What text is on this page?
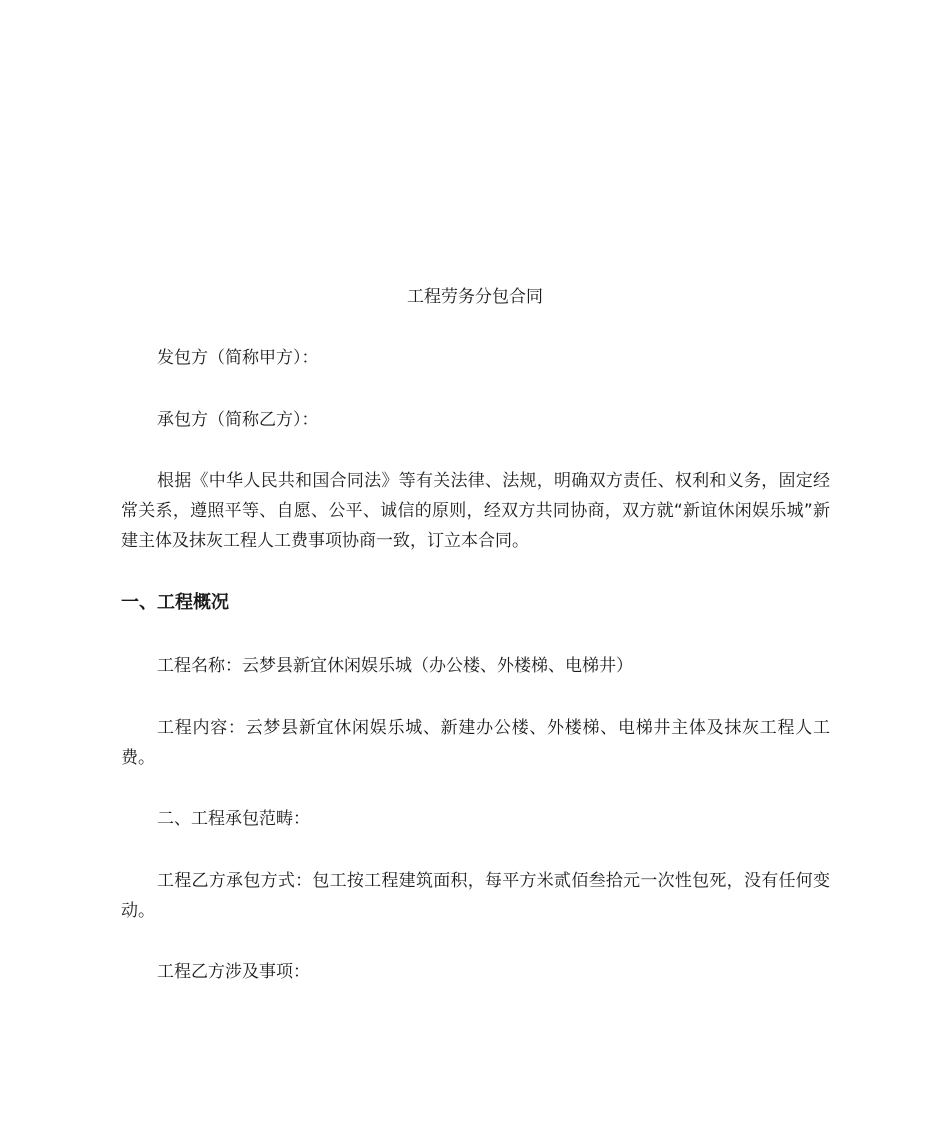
工程劳务分包合同

发包方（简称甲方）：

承包方（简称乙方）：

根据《中华人民共和国合同法》等有关法律、法规，明确双方责任、权利和义务，固定经常关系，遵照平等、自愿、公平、诚信的原则，经双方共同协商，双方就“新谊休闲娱乐城”新建主体及抹灰工程人工费事项协商一致，订立本合同。

一、工程概况

工程名称：云梦县新宜休闲娱乐城（办公楼、外楼梯、电梯井）

工程内容：云梦县新宜休闲娱乐城、新建办公楼、外楼梯、电梯井主体及抹灰工程人工费。

二、工程承包范畴：

工程乙方承包方式：包工按工程建筑面积，每平方米贰佰叁拾元一次性包死，没有任何变动。

工程乙方涉及事项：
